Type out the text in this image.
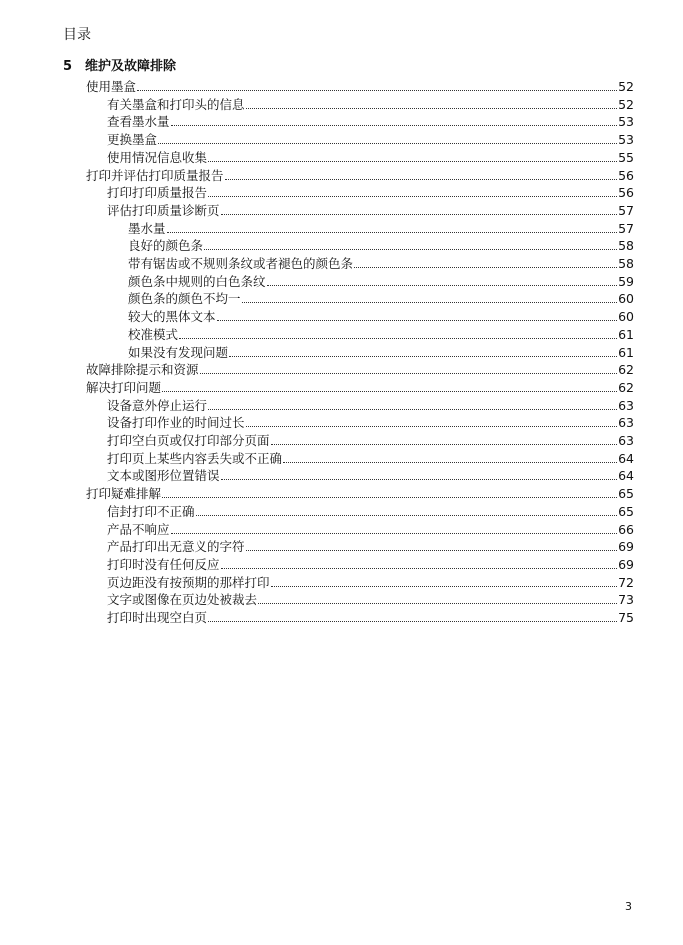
目录
5 维护及故障排除
使用墨盒	52
有关墨盒和打印头的信息	52
查看墨水量	53
更换墨盒	53
使用情况信息收集	55
打印并评估打印质量报告	56
打印打印质量报告	56
评估打印质量诊断页	57
墨水量	57
良好的颜色条	58
带有锯齿或不规则条纹或者褪色的颜色条	58
颜色条中规则的白色条纹	59
颜色条的颜色不均一	60
较大的黑体文本	60
校准模式	61
如果没有发现问题	61
故障排除提示和资源	62
解决打印问题	62
设备意外停止运行	63
设备打印作业的时间过长	63
打印空白页或仅打印部分页面	63
打印页上某些内容丢失或不正确	64
文本或图形位置错误	64
打印疑难排解	65
信封打印不正确	65
产品不响应	66
产品打印出无意义的字符	69
打印时没有任何反应	69
页边距没有按预期的那样打印	72
文字或图像在页边处被裁去	73
打印时出现空白页	75
3
